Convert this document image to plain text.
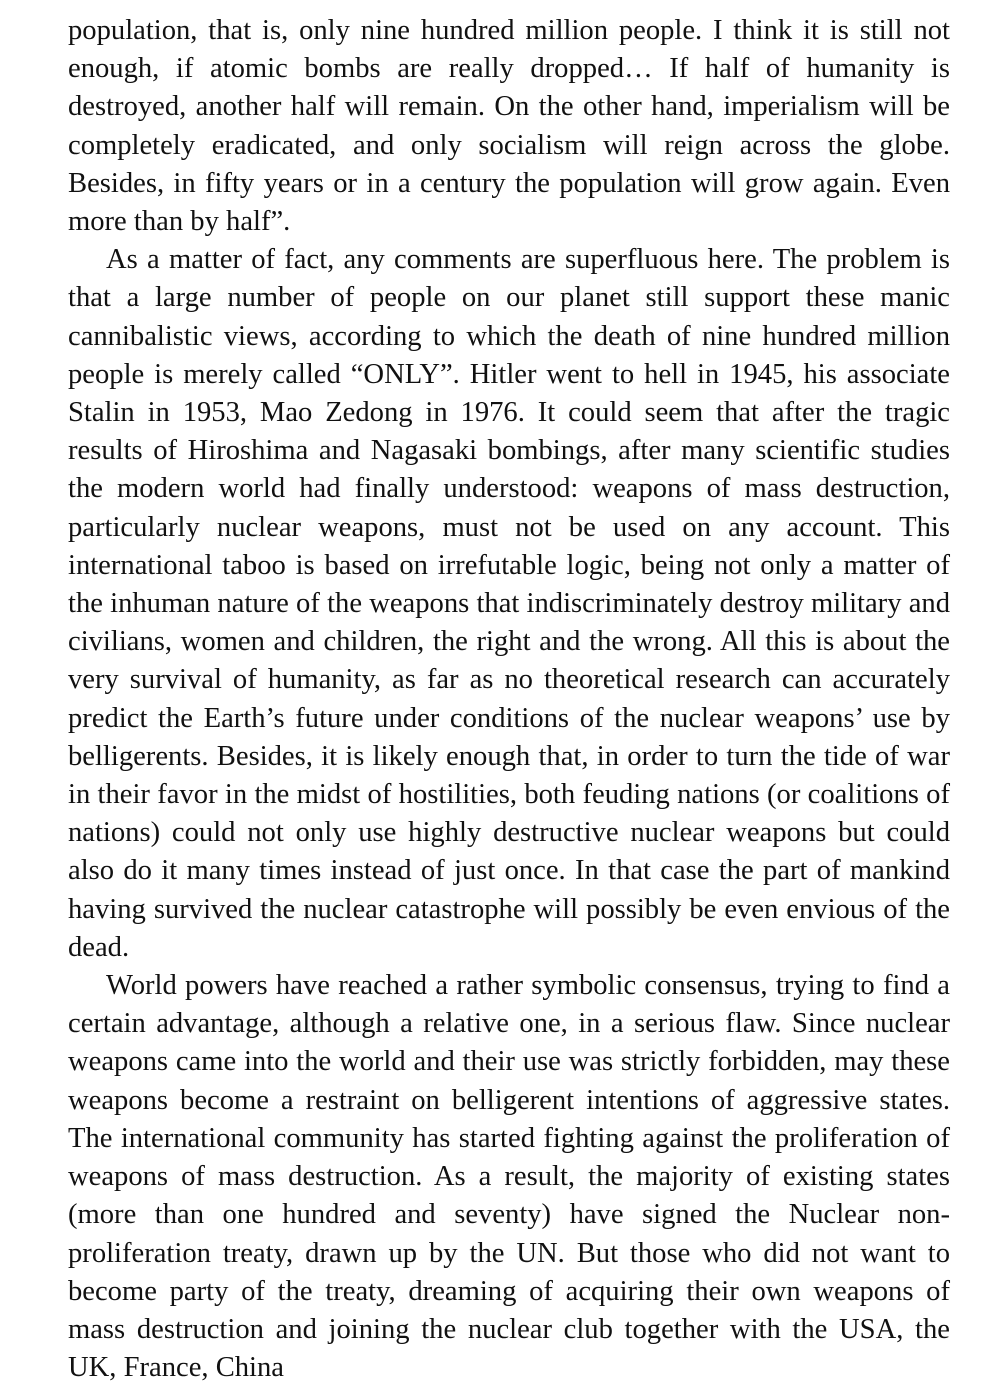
population, that is, only nine hundred million people. I think it is still not enough, if atomic bombs are really dropped… If half of humanity is destroyed, another half will remain. On the other hand, imperialism will be completely eradicated, and only socialism will reign across the globe. Besides, in fifty years or in a century the population will grow again. Even more than by half”.

As a matter of fact, any comments are superfluous here. The problem is that a large number of people on our planet still support these manic cannibalistic views, according to which the death of nine hundred million people is merely called “ONLY”. Hitler went to hell in 1945, his associate Stalin in 1953, Mao Zedong in 1976. It could seem that after the tragic results of Hiroshima and Nagasaki bombings, after many scientific studies the modern world had finally understood: weapons of mass destruction, particularly nuclear weapons, must not be used on any account. This international taboo is based on irrefutable logic, being not only a matter of the inhuman nature of the weapons that indiscriminately destroy military and civilians, women and children, the right and the wrong. All this is about the very survival of humanity, as far as no theoretical research can accurately predict the Earth’s future under conditions of the nuclear weapons’ use by belligerents. Besides, it is likely enough that, in order to turn the tide of war in their favor in the midst of hostilities, both feuding nations (or coalitions of nations) could not only use highly destructive nuclear weapons but could also do it many times instead of just once. In that case the part of mankind having survived the nuclear catastrophe will possibly be even envious of the dead.

World powers have reached a rather symbolic consensus, trying to find a certain advantage, although a relative one, in a serious flaw. Since nuclear weapons came into the world and their use was strictly forbidden, may these weapons become a restraint on belligerent intentions of aggressive states. The international community has started fighting against the proliferation of weapons of mass destruction. As a result, the majority of existing states (more than one hundred and seventy) have signed the Nuclear non-proliferation treaty, drawn up by the UN. But those who did not want to become party of the treaty, dreaming of acquiring their own weapons of mass destruction and joining the nuclear club together with the USA, the UK, France, China
